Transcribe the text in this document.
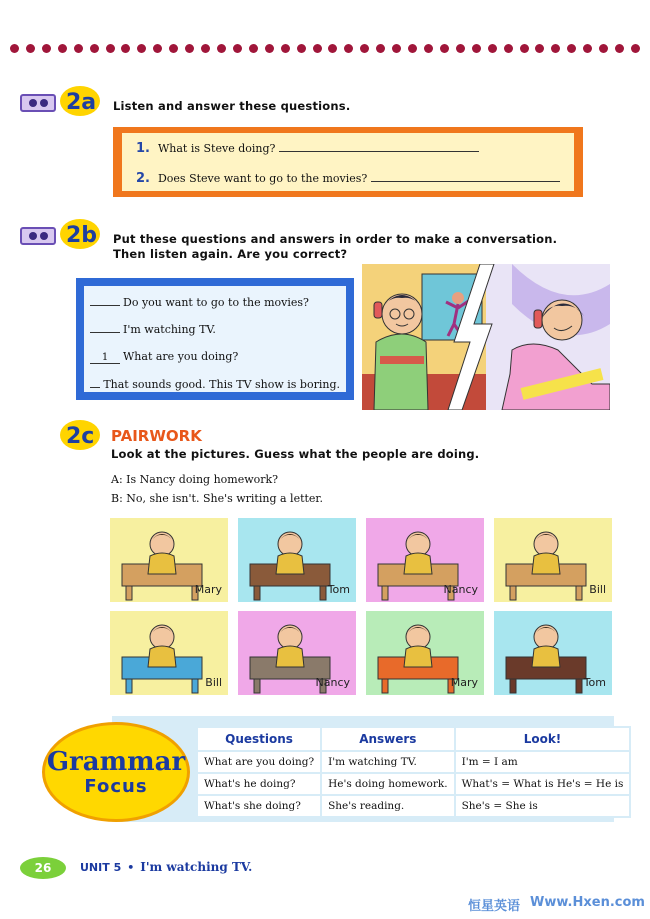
2a Listen and answer these questions.
1. What is Steve doing?
2. Does Steve want to go to the movies?
2b Put these questions and answers in order to make a conversation.
Then listen again. Are you correct?
Do you want to go to the movies?
I'm watching TV.
1	What are you doing?
That sounds good. This TV show is boring.
2c PAIRWORK
Look at the pictures. Guess what the people are doing.
A: Is Nancy doing homework?
B: No, she isn't. She's writing a letter.
Mary	Tom	Nancy	Bill
Bill	Nancy	Mary	Tom
Grammar
Focus
Questions	Answers	Look!
What are you doing?	I'm watching TV.	I'm = I am
What's he doing?	He's doing homework.	What's = What is He's = He is
What's she doing?	She's reading.	She's = She is
26	UNIT 5 • I'm watching TV.
恒星英语 Www.Hxen.com
